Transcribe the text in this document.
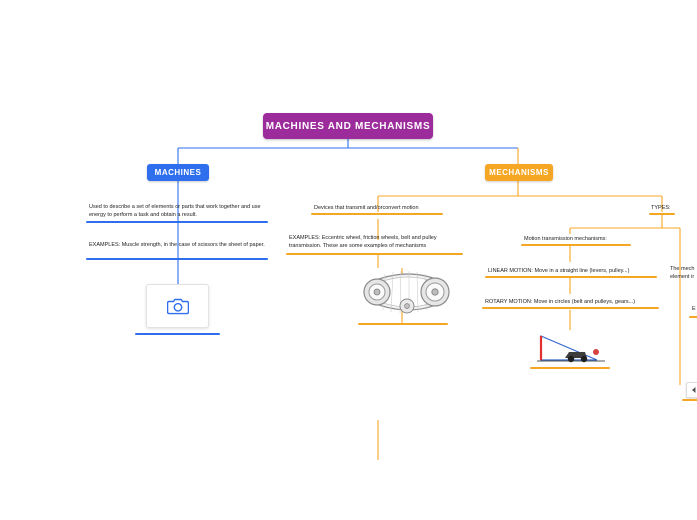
MACHINES AND MECHANISMS
MACHINES	MECHANISMS
Used to describe a set of elements or parts that work together and use energy to perform a task and obtain a result.
EXAMPLES: Muscle strength, in the case of scissors the sheet of paper.
Devices that transmit and/orconvert motion
EXAMPLES: Eccentric wheel, friction wheels, belt and pulley transmission. These are some examples of mechanisms
TYPES:
Motion transmission mechanisms:
LINEAR MOTION: Move in a straight line (levers, pulley...)
ROTARY MOTION: Move in circles (belt and pulleys, gears...)
The mech element ir
E
